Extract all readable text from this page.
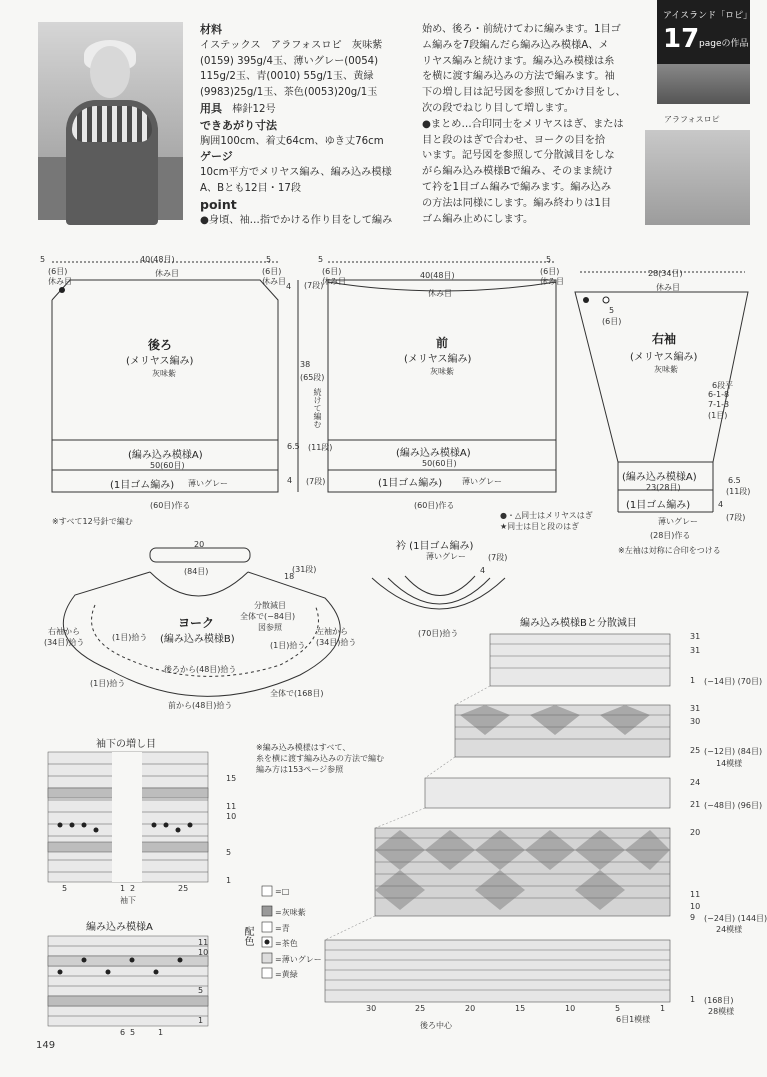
材料
イステックス　アラフォスロピ　灰味紫
(0159) 395g/4玉、薄いグレー(0054)
115g/2玉、青(0010) 55g/1玉、黄緑
(9983)25g/1玉、茶色(0053)20g/1玉
用具　 棒針12号
できあがり寸法
胸囲100cm、着丈64cm、ゆき丈76cm
ゲージ
10cm平方でメリヤス編み、編み込み模様
A、Bとも12目・17段
point
●身頃、袖…指でかける作り目をして編み
始め、後ろ・前続けてわに編みます。1目ゴ
ム編みを7段編んだら編み込み模様A、メ
リヤス編みと続けます。編み込み模様は糸
を横に渡す編み込みの方法で編みます。袖
下の増し目は記号図を参照してかけ目をし、
次の段でねじり目して増します。
●まとめ…合印同士をメリヤスはぎ、または
目と段のはぎで合わせ、ヨークの目を拾
います。記号図を参照して分散減目をしな
がら編み込み模様Bで編み、そのまま続け
て衿を1目ゴム編みで編みます。編み込み
の方法は同様にします。編み終わりは1目
ゴム編み止めにします。
アイスランド「ロピ」
17 pageの作品
アラフォスロピ
5
(6目)
休み目
40(48目)
休み目
5
(6目)
休み目
後ろ
(メリヤス編み)
灰味紫
(編み込み模様A)
50(60目)
(1目ゴム編み) 薄いグレー
(60目)作る
※すべて12号針で編む
4 (7段)
38
(65段)
続けて編む
6.5 (11段)
4 (7段)
5
(6目)
休み目
40(48目)
休み目
5
(6目)
休み目
前
(メリヤス編み)
灰味紫
(編み込み模様A)
50(60目)
(1目ゴム編み) 薄いグレー
(60目)作る
●・△同士はメリヤスはぎ
★同士は目と段のはぎ
28(34目)
休み目
5
(6目)
右袖
(メリヤス編み)
灰味紫
6段平
6-1-8
7-1-3
(1目)
(編み込み模様A)
23(28目)
(1目ゴム編み)
薄いグレー
(28目)作る
6.5
(11段)
4
(7段)
※左袖は対称に合印をつける
20
(84目)
18
(31段)
ヨーク
(編み込み模様B)
分散減目
全体で(−84目)
図参照
右袖から
(34目)拾う
左袖から
(34目)拾う
(1目)拾う
(1目)拾う
後ろから(48目)拾う
(1目)拾う
全体で(168目)
前から(48目)拾う
衿 (1目ゴム編み)
薄いグレー
4
(7段)
(70目)拾う
編み込み模様Bと分散減目
31
31
1 (−14目) (70目)
31
30
25 (−12目) (84目)
14模様
24
21 (−48目) (96目)
20
11
10
9 (−24目) (144目)
24模様
1 (168目)
28模様
30	25	20	15	10	5	1
6目1模様
後ろ中心
※編み込み模様はすべて、
糸を横に渡す編み込みの方法で編む
編み方は153ページ参照
袖下の増し目
15
11
10
5
1
5	1 2	25
袖下
編み込み模様A
11
10
5
1
6 5	1
配色
=□
=灰味紫
=青
=茶色
=薄いグレー
=黄緑
149
